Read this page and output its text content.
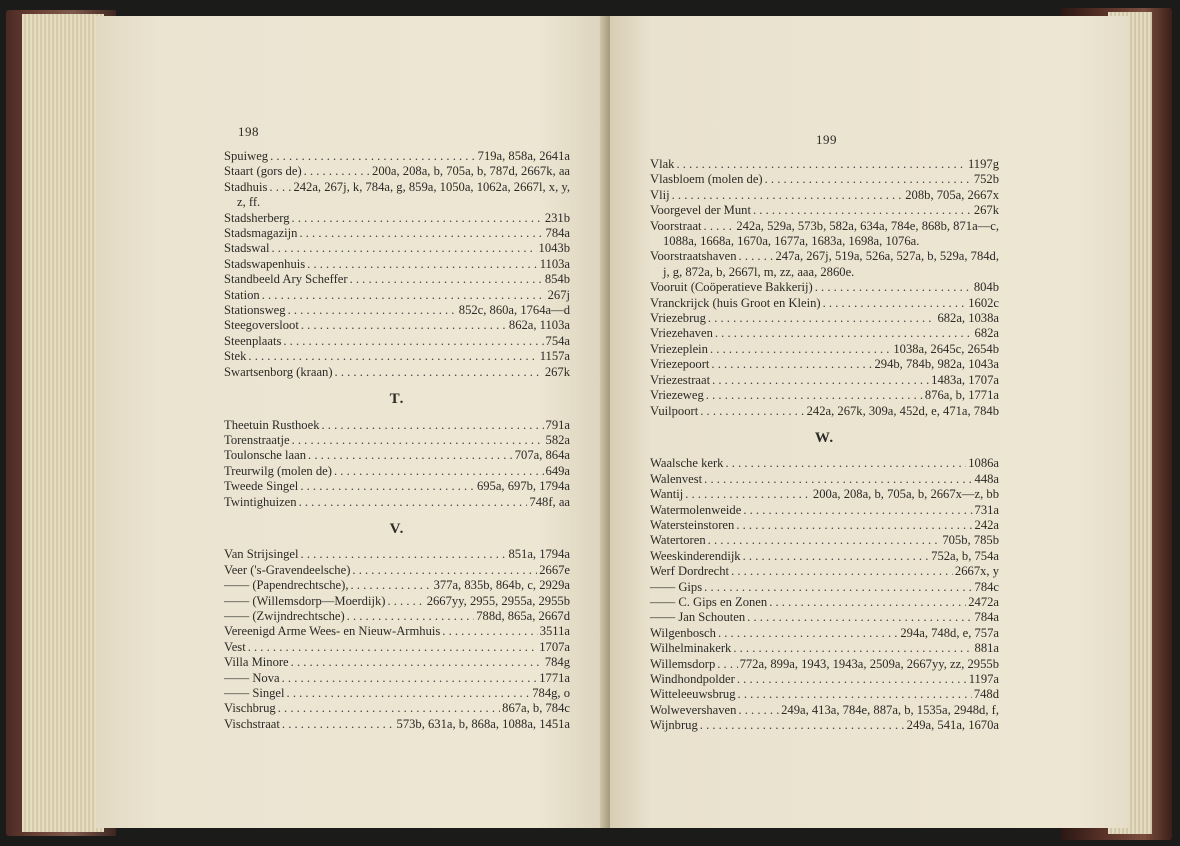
198
Spuiweg . . .	719a, 858a, 2641a
Staart (gors de) . . .	200a, 208a, b, 705a, b, 787d, 2667k, aa
Stadhuis . . . 242a, 267j, k, 784a, g, 859a, 1050a, 1062a, 2667l, x, y,
z, ff.
Stadsherberg . . .	231b
Stadsmagazijn . . .	784a
Stadswal . . .	1043b
Stadswapenhuis . . .	1103a
Standbeeld Ary Scheffer . . .	854b
Station . . .	267j
Stationsweg . . .	852c, 860a, 1764a—d
Steegoversloot . . .	862a, 1103a
Steenplaats . . .	754a
Stek . . .	1157a
Swartsenborg (kraan) . . .	267k
T.
Theetuin Rusthoek . . .	791a
Torenstraatje . . .	582a
Toulonsche laan . . .	707a, 864a
Treurwilg (molen de) . . .	649a
Tweede Singel . . .	695a, 697b, 1794a
Twintighuizen . . .	748f, aa
V.
Van Strijsingel . . .	851a, 1794a
Veer ('s-Gravendeelsche) . . .	2667e
—— (Papendrechtsche), . . .	377a, 835b, 864b, c, 2929a
—— (Willemsdorp—Moerdijk) . . .	2667yy, 2955, 2955a, 2955b
—— (Zwijndrechtsche) . . .	788d, 865a, 2667d
Vereenigd Arme Wees- en Nieuw-Armhuis . . .	3511a
Vest . . .	1707a
Villa Minore . . .	784g
—— Nova . . .	1771a
—— Singel . . .	784g, o
Vischbrug . . .	867a, b, 784c
Vischstraat . . .	573b, 631a, b, 868a, 1088a, 1451a
199
Vlak . . .	1197g
Vlasbloem (molen de) . . .	752b
Vlij . . .	208b, 705a, 2667x
Voorgevel der Munt . . .	267k
Voorstraat . . .	242a, 529a, 573b, 582a, 634a, 784e, 868b, 871a—c,
1088a, 1668a, 1670a, 1677a, 1683a, 1698a, 1076a.
Voorstraatshaven . . .	247a, 267j, 519a, 526a, 527a, b, 529a, 784d,
j, g, 872a, b, 2667l, m, zz, aaa, 2860e.
Vooruit (Coöperatieve Bakkerij) . . .	804b
Vranckrijck (huis Groot en Klein) . . .	1602c
Vriezebrug . . .	682a, 1038a
Vriezehaven . . .	682a
Vriezeplein . . .	1038a, 2645c, 2654b
Vriezepoort . . .	294b, 784b, 982a, 1043a
Vriezestraat . . .	1483a, 1707a
Vriezeweg . . .	876a, b, 1771a
Vuilpoort . . .	242a, 267k, 309a, 452d, e, 471a, 784b
W.
Waalsche kerk . . .	1086a
Walenvest . . .	448a
Wantij . . .	200a, 208a, b, 705a, b, 2667x—z, bb
Watermolenweide . . .	731a
Watersteinstoren . . .	242a
Watertoren . . .	705b, 785b
Weeskinderendijk . . .	752a, b, 754a
Werf Dordrecht . . .	2667x, y
—— Gips . . .	784c
—— C. Gips en Zonen . . .	2472a
—— Jan Schouten . . .	784a
Wilgenbosch . . .	294a, 748d, e, 757a
Wilhelminakerk . . .	881a
Willemsdorp . . . 772a, 899a, 1943, 1943a, 2509a, 2667yy, zz, 2955b
Windhondpolder . . .	1197a
Witteleeuwsbrug . . .	748d
Wolwevershaven . . .	249a, 413a, 784e, 887a, b, 1535a, 2948d, f,
Wijnbrug . . .	249a, 541a, 1670a
